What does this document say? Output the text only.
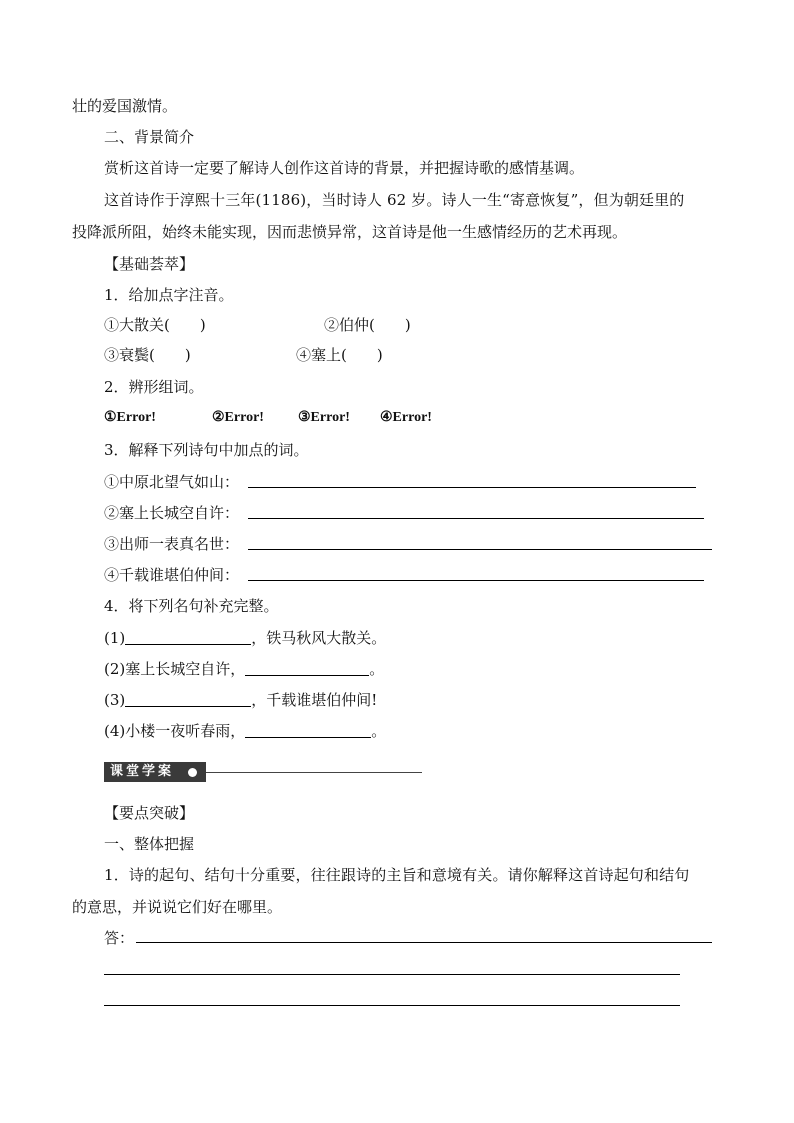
壮的爱国激情。
二、背景简介
赏析这首诗一定要了解诗人创作这首诗的背景，并把握诗歌的感情基调。
这首诗作于淳熙十三年(1186)，当时诗人 62 岁。诗人一生“寄意恢复”，但为朝廷里的
投降派所阻，始终未能实现，因而悲愤异常，这首诗是他一生感情经历的艺术再现。
【基础荟萃】
1．给加点字注音。
①大散关(　　)	②伯仲(　　)
③衰鬓(　　)	④塞上(　　)
2．辨形组词。
①Error!	②Error! ③Error! ④Error!
3．解释下列诗句中加点的词。
①中原北望气如山：
②塞上长城空自许：
③出师一表真名世：
④千载谁堪伯仲间：
4．将下列名句补充完整。
(1)	，铁马秋风大散关。
(2)塞上长城空自许，	。
(3)	，千载谁堪伯仲间!
(4)小楼一夜听春雨，	。
课堂学案
【要点突破】
一、整体把握
1．诗的起句、结句十分重要，往往跟诗的主旨和意境有关。请你解释这首诗起句和结句
的意思，并说说它们好在哪里。
答：
